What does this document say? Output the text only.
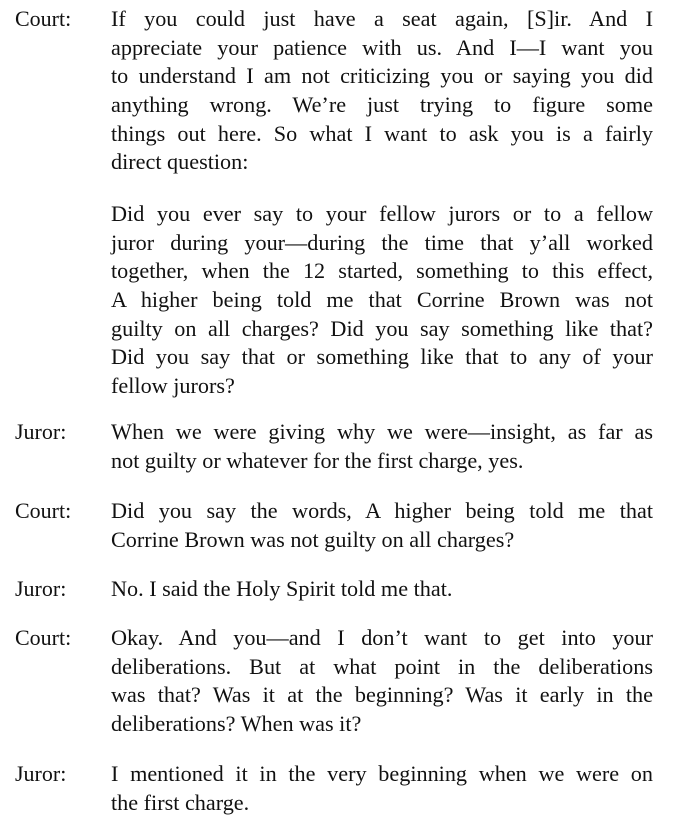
Court: If you could just have a seat again, [S]ir. And I
appreciate your patience with us. And I—I want you
to understand I am not criticizing you or saying you did
anything wrong. We’re just trying to figure some
things out here. So what I want to ask you is a fairly
direct question:
Did you ever say to your fellow jurors or to a fellow
juror during your—during the time that y’all worked
together, when the 12 started, something to this effect,
A higher being told me that Corrine Brown was not
guilty on all charges? Did you say something like that?
Did you say that or something like that to any of your
fellow jurors?
Juror: When we were giving why we were—insight, as far as
not guilty or whatever for the first charge, yes.
Court: Did you say the words, A higher being told me that
Corrine Brown was not guilty on all charges?
Juror: No. I said the Holy Spirit told me that.
Court: Okay. And you—and I don’t want to get into your
deliberations. But at what point in the deliberations
was that? Was it at the beginning? Was it early in the
deliberations? When was it?
Juror: I mentioned it in the very beginning when we were on
the first charge.
